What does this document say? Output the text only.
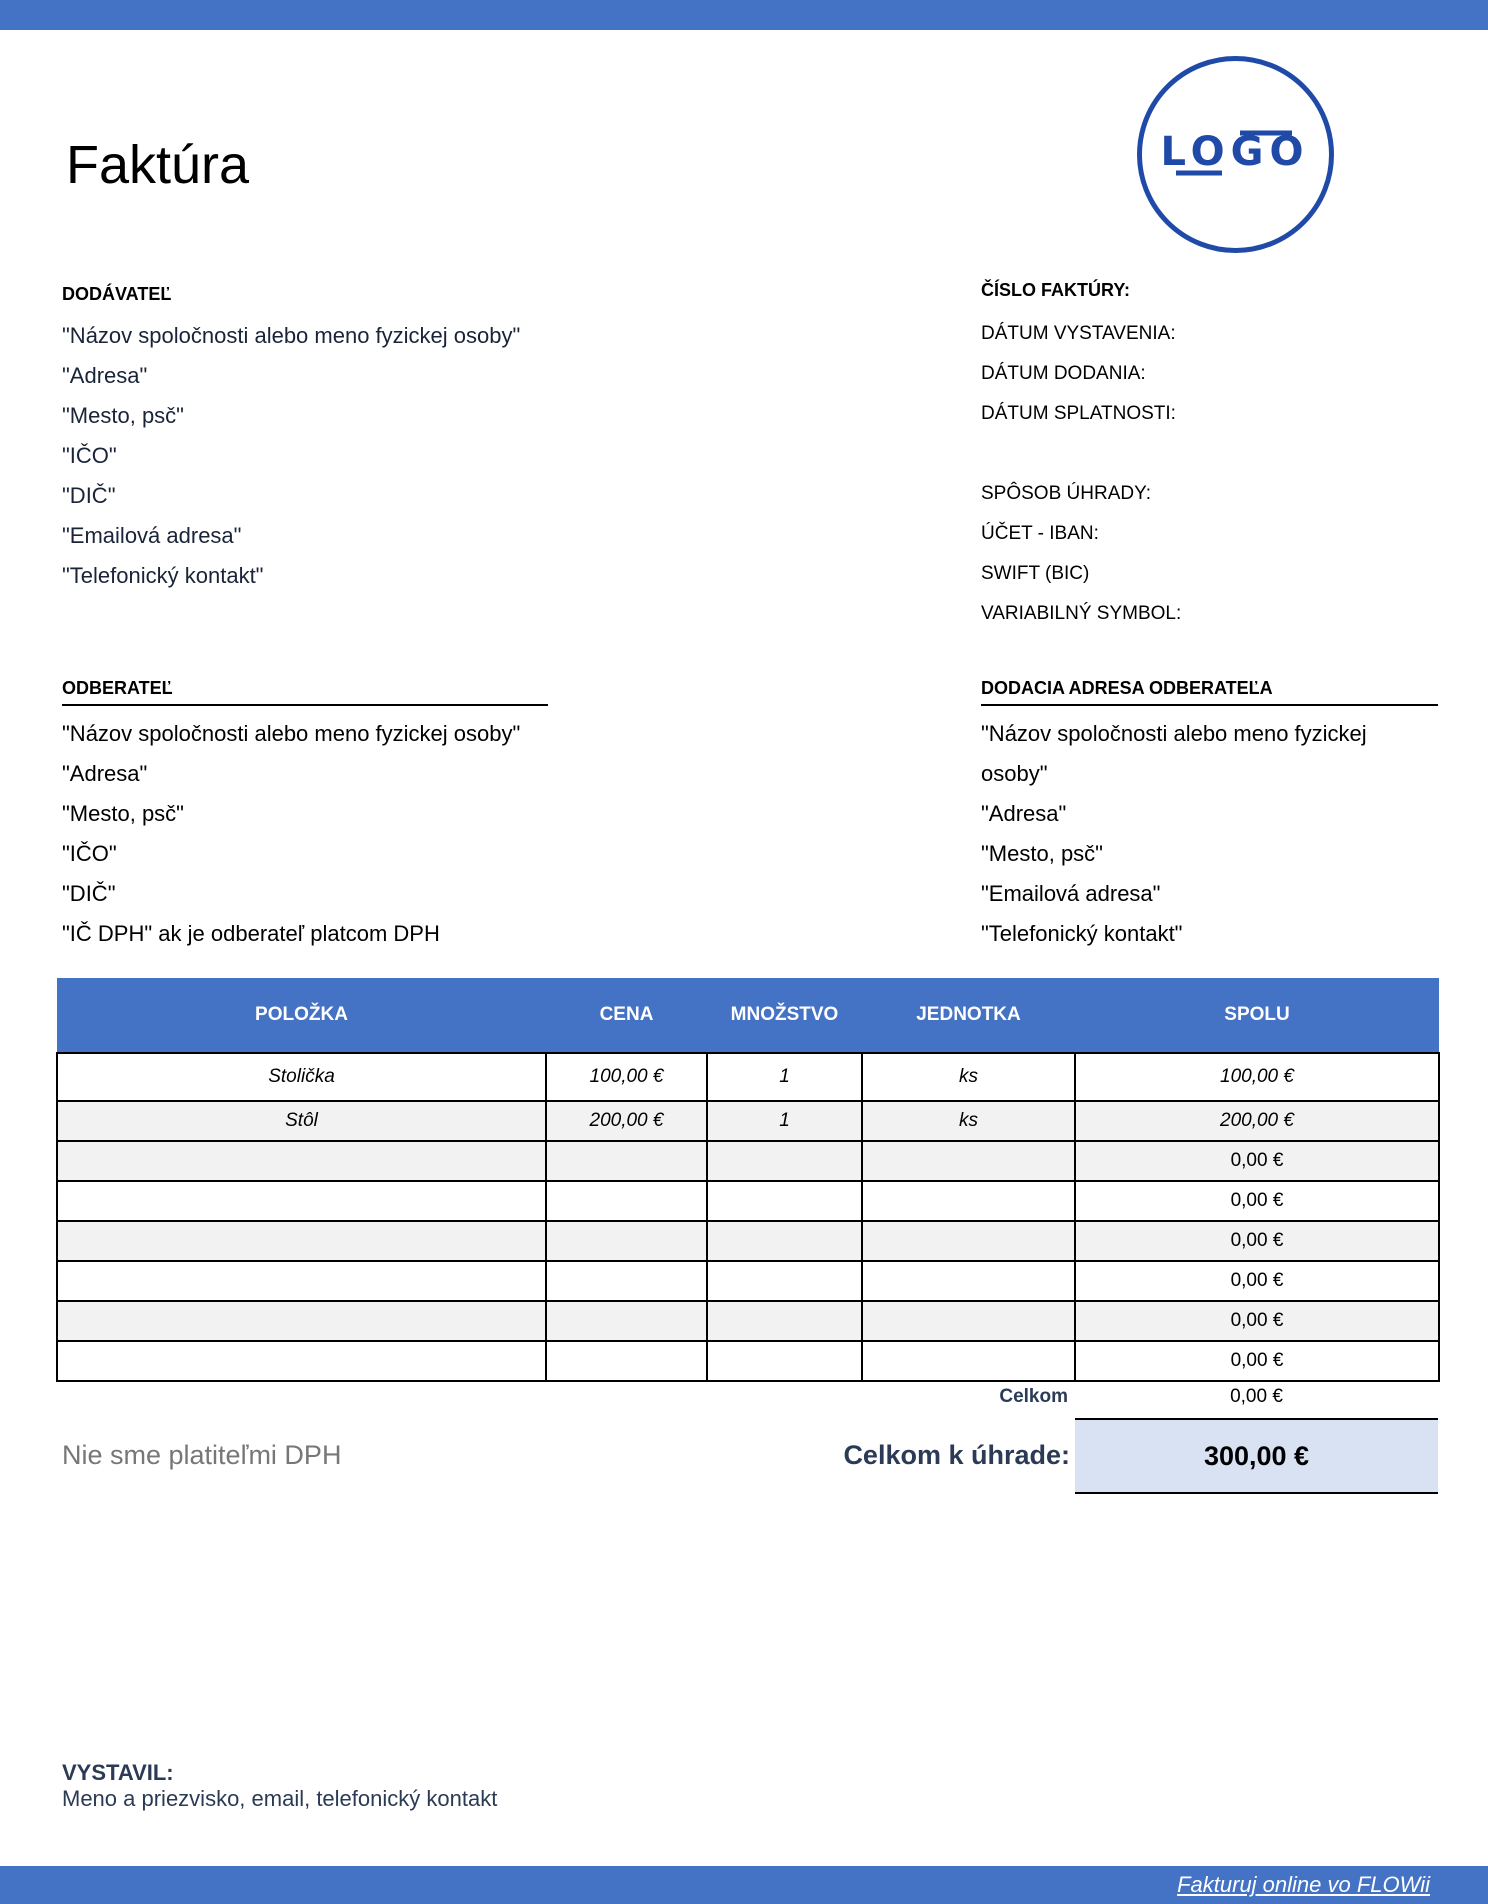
Faktúra	LOGO
DODÁVATEĽ
"Názov spoločnosti alebo meno fyzickej osoby"
"Adresa"
"Mesto, psč"
"IČO"
"DIČ"
"Emailová adresa"
"Telefonický kontakt"
ČÍSLO FAKTÚRY:
DÁTUM VYSTAVENIA:
DÁTUM DODANIA:
DÁTUM SPLATNOSTI:
SPÔSOB ÚHRADY:
ÚČET - IBAN:
SWIFT (BIC)
VARIABILNÝ SYMBOL:
ODBERATEĽ
"Názov spoločnosti alebo meno fyzickej osoby"
"Adresa"
"Mesto, psč"
"IČO"
"DIČ"
"IČ DPH" ak je odberateľ platcom DPH
DODACIA ADRESA ODBERATEĽA
"Názov spoločnosti alebo meno fyzickej osoby"
"Adresa"
"Mesto, psč"
"Emailová adresa"
"Telefonický kontakt"
POLOŽKA	CENA	MNOŽSTVO	JEDNOTKA	SPOLU
Stolička	100,00 €	1	ks	100,00 €
Stôl	200,00 €	1	ks	200,00 €
				0,00 €
				0,00 €
				0,00 €
				0,00 €
				0,00 €
				0,00 €
Celkom	0,00 €
Nie sme platiteľmi DPH	Celkom k úhrade:	300,00 €
VYSTAVIL:
Meno a priezvisko, email, telefonický kontakt
Fakturuj online vo FLOWii
